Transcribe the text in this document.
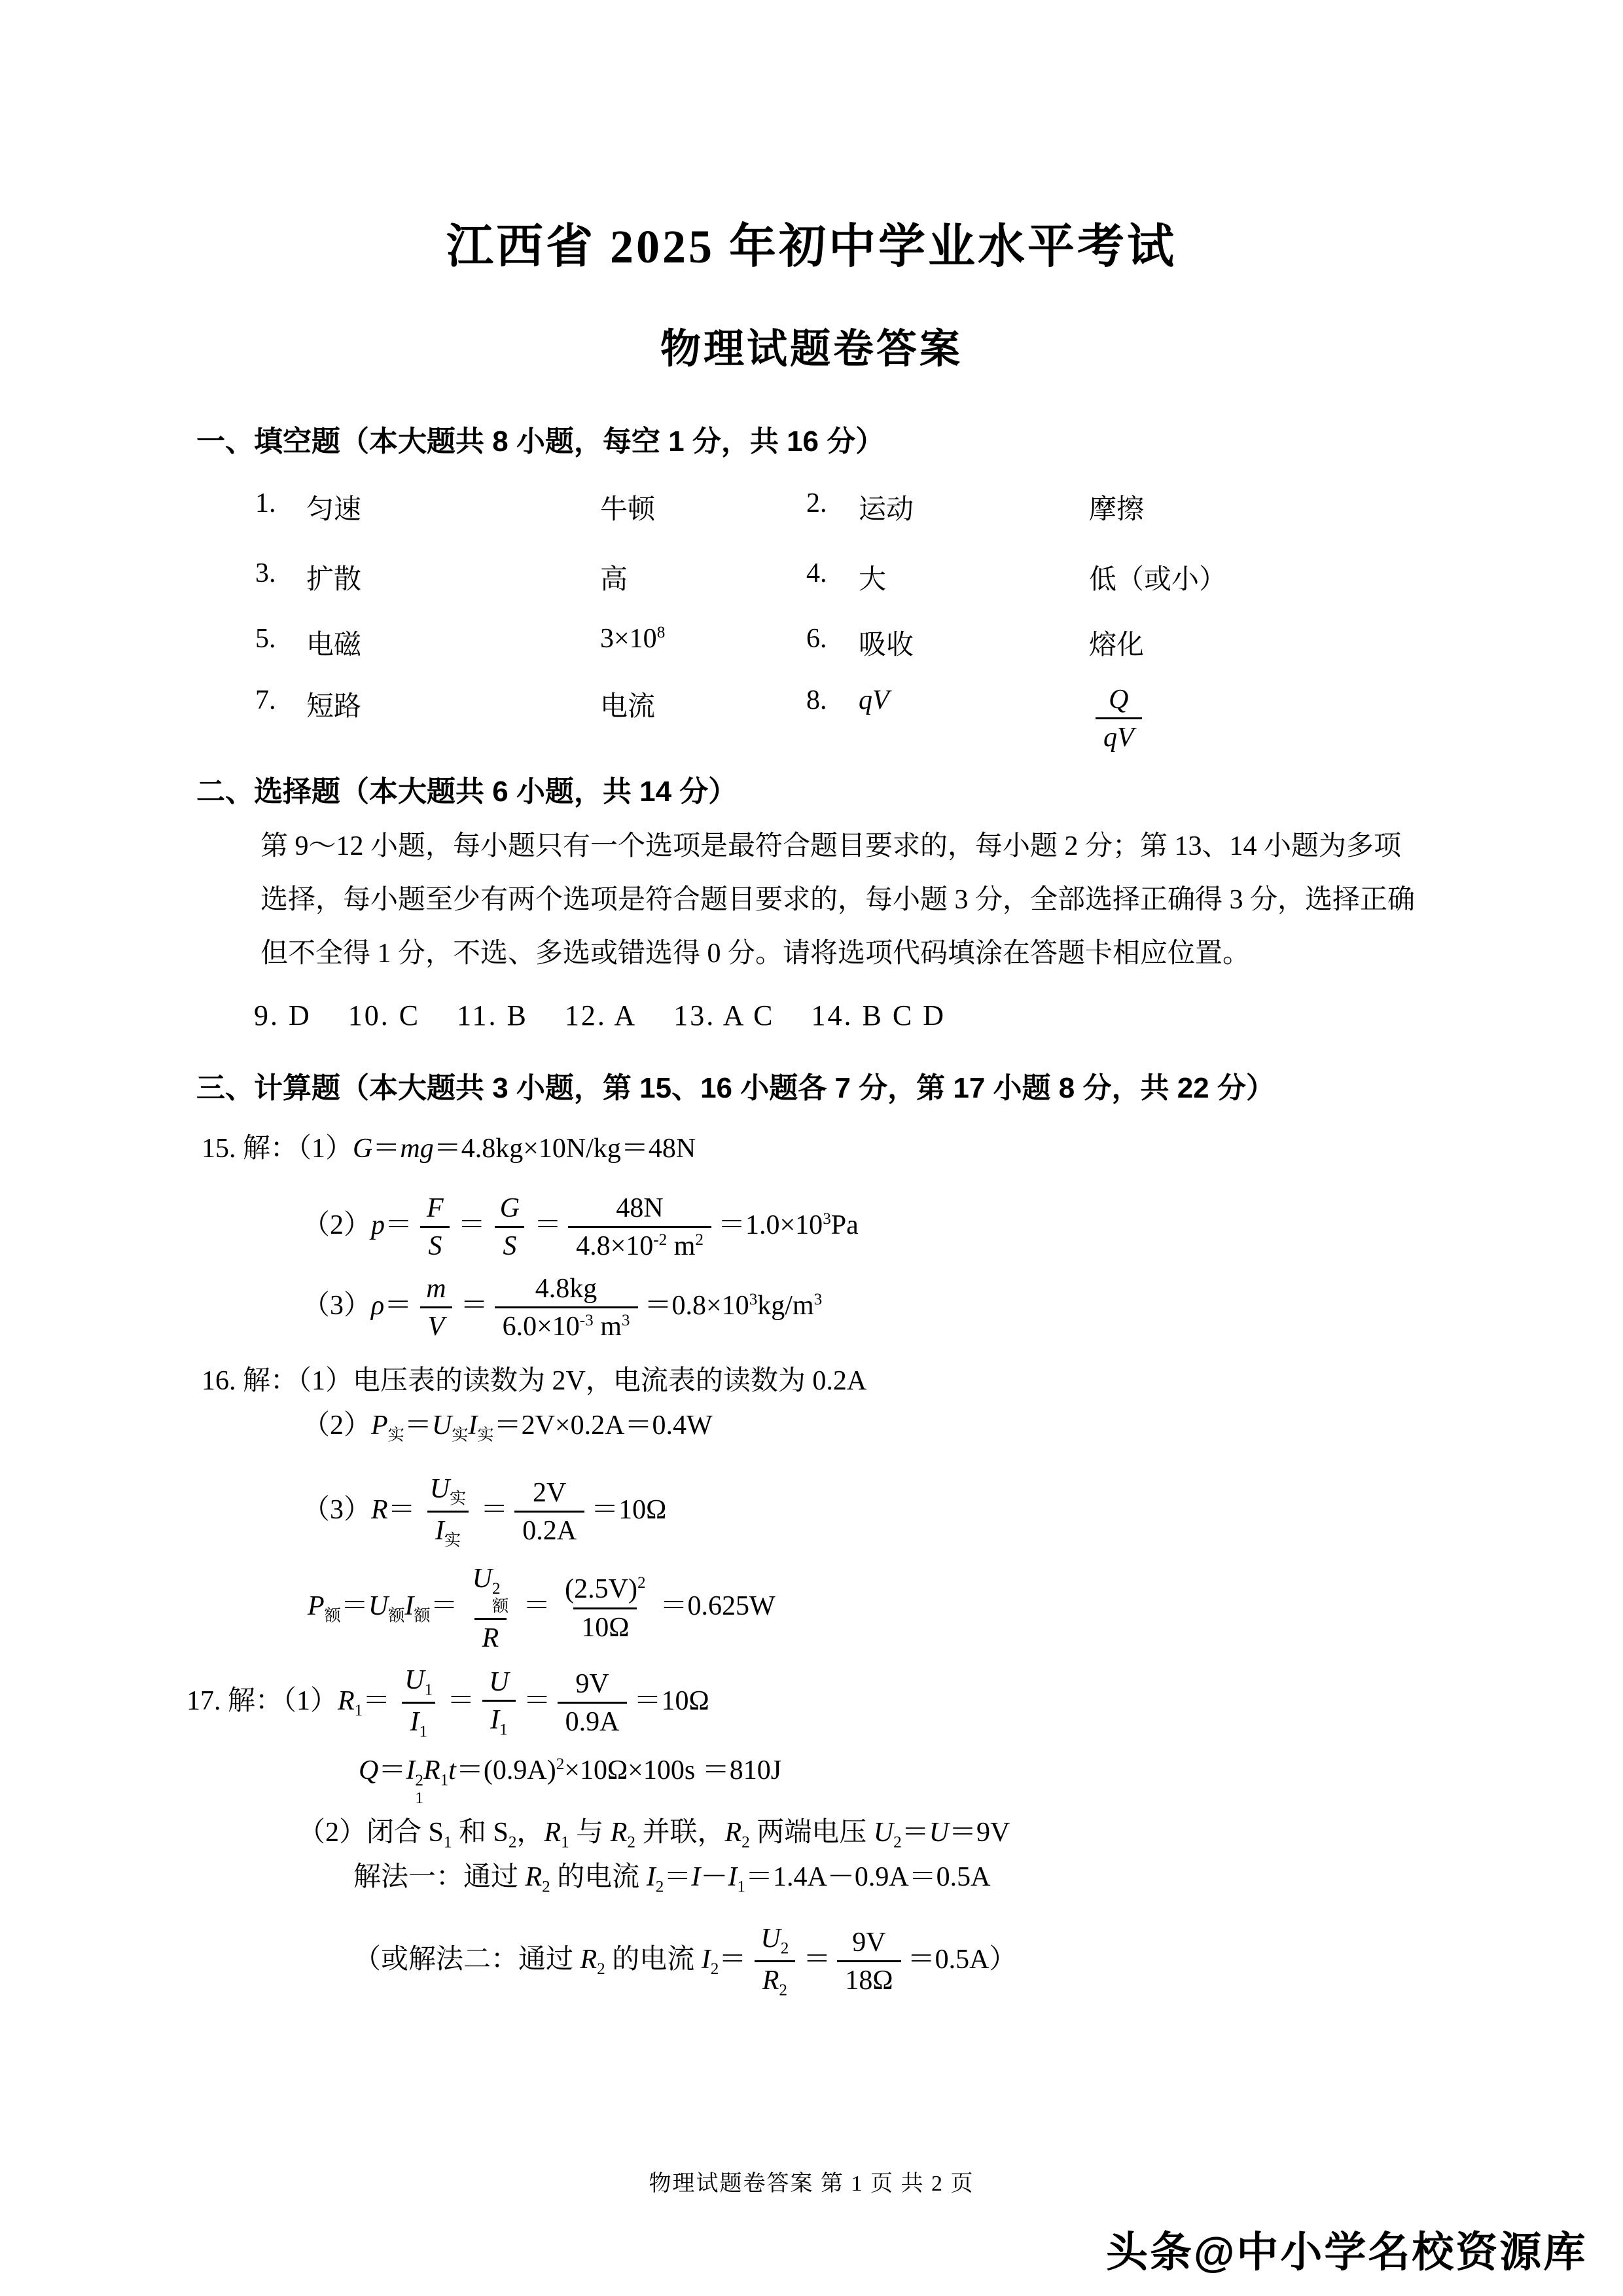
江西省 2025 年初中学业水平考试
物理试题卷答案
一、填空题（本大题共 8 小题，每空 1 分，共 16 分）
1. 匀速	牛顿	2. 运动	摩擦
3. 扩散	高	4. 大	低（或小）
5. 电磁	$3\times 10^8$	6. 吸收	熔化
7. 短路	电流	8. qV	$\frac{Q}{qV}$
二、选择题（本大题共 6 小题，共 14 分）
第 9～12 小题，每小题只有一个选项是最符合题目要求的，每小题 2 分；第 13、14 小题为多项
选择，每小题至少有两个选项是符合题目要求的，每小题 3 分，全部选择正确得 3 分，选择正确
但不全得 1 分，不选、多选或错选得 0 分。请将选项代码填涂在答题卡相应位置。
9. D 10. C 11. B 12. A 13. A C 14. B C D
三、计算题（本大题共 3 小题，第 15、16 小题各 7 分，第 17 小题 8 分，共 22 分）
15. 解：（1）G＝mg＝4.8kg×10N/kg＝48N
$(2)p= \frac{F}{S} = \frac{G}{S} = \frac{48N}{4.8\times 10^{-2} m^2} =1.0\times 10^3Pa$
$(3)\rho= \frac{m}{V} = \frac{4.8kg}{6.0\times 10^{-3} m^3} =0.8\times 10^3kg/m^3$
16. 解：（1）电压表的读数为 2V，电流表的读数为 0.2A
$(2)P_实=U_实I_实=2V\times 0.2A=0.4W$
$(3)R= \frac{U_实}{I_实} = \frac{2V}{0.2A} =10\Omega$
$P_额=U_额I_额= U$ 2
额
$R = \frac{(2.5V)^2}{10\Omega} =0.625W$
17. 解：$(1)R_1= \frac{U_1}{I_1} = \frac{U}{I_1} = \frac{9V}{0.9A} =10\Omega$
Q＝I 2
1
$R_1t=(0.9A)^2\times 10\Omega\times 100s =810J$
（2）闭合 $S_1$ 和 $S_2$，$R_1$ 与 $R_2$ 并联，$R_2$ 两端电压 $U_2=U=9V$
解法一：通过 $R_2$ 的电流 $I_2=I-I_1=1.4A-0.9A=0.5A$
（或解法二：通过 $R_2$ 的电流 $I_2= \frac{U_2}{R_2} = \frac{9V}{18\Omega} =0.5A$）
物理试题卷答案 第 1 页 共 2 页
头条@中小学名校资源库
